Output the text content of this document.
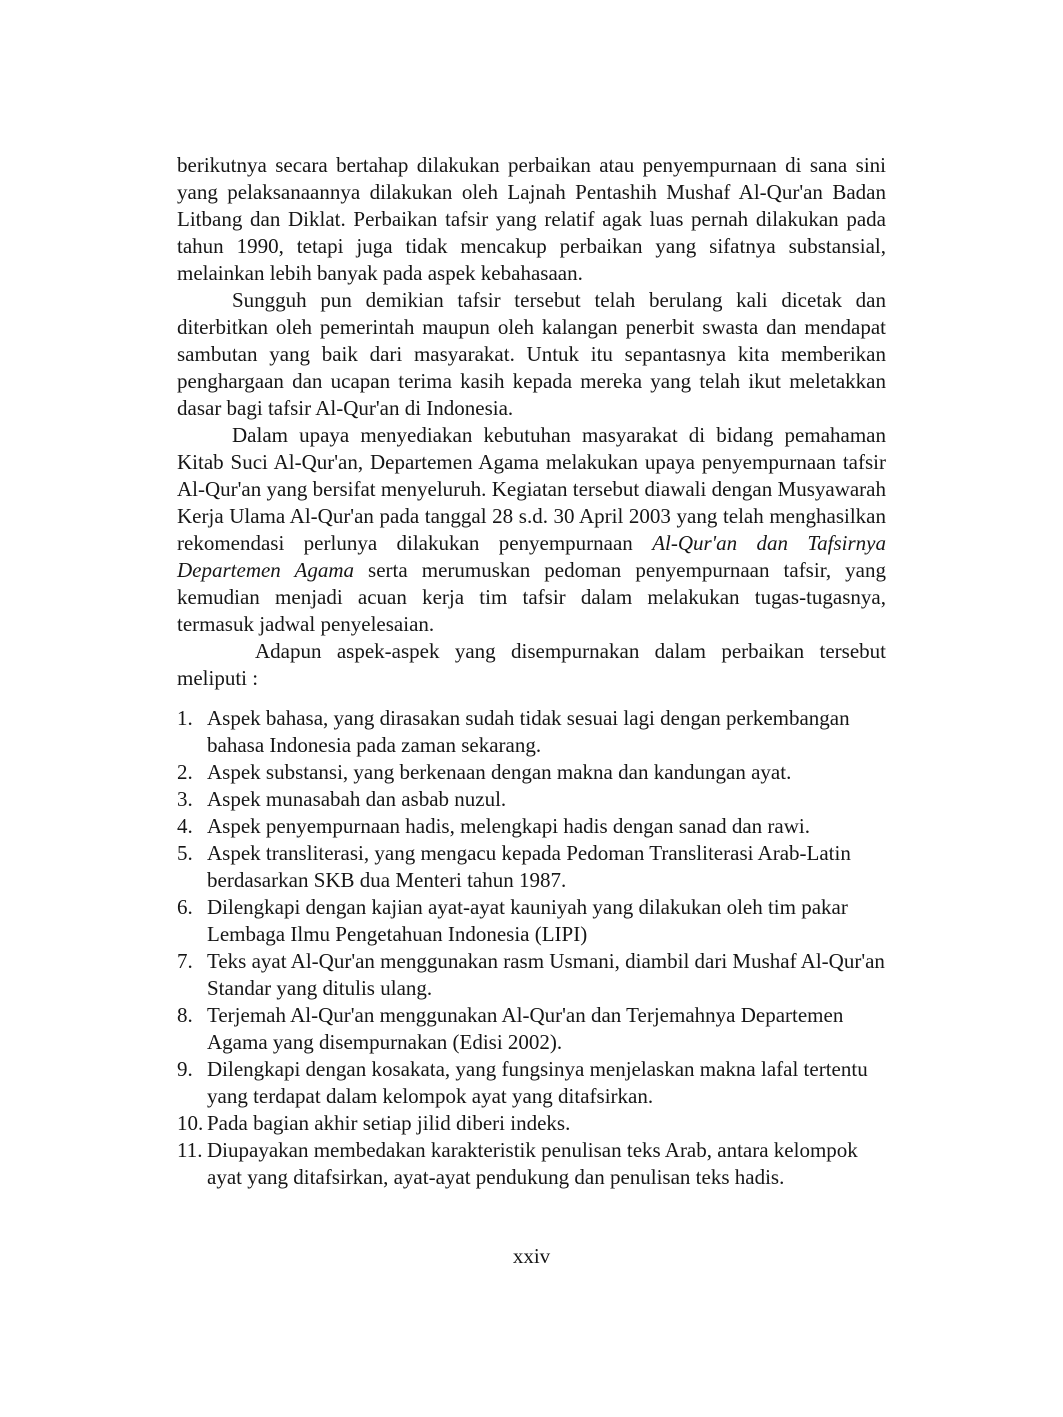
berikutnya secara bertahap dilakukan perbaikan atau penyempurnaan di sana sini yang pelaksanaannya dilakukan oleh Lajnah Pentashih Mushaf Al-Qur'an Badan Litbang dan Diklat. Perbaikan tafsir yang relatif agak luas pernah dilakukan pada tahun 1990, tetapi juga tidak mencakup perbaikan yang sifatnya substansial, melainkan lebih banyak pada aspek kebahasaan.

Sungguh pun demikian tafsir tersebut telah berulang kali dicetak dan diterbitkan oleh pemerintah maupun oleh kalangan penerbit swasta dan mendapat sambutan yang baik dari masyarakat. Untuk itu sepantasnya kita memberikan penghargaan dan ucapan terima kasih kepada mereka yang telah ikut meletakkan dasar bagi tafsir Al-Qur'an di Indonesia.

Dalam upaya menyediakan kebutuhan masyarakat di bidang pemahaman Kitab Suci Al-Qur'an, Departemen Agama melakukan upaya penyempurnaan tafsir Al-Qur'an yang bersifat menyeluruh. Kegiatan tersebut diawali dengan Musyawarah Kerja Ulama Al-Qur'an pada tanggal 28 s.d. 30 April 2003 yang telah menghasilkan rekomendasi perlunya dilakukan penyempurnaan Al-Qur'an dan Tafsirnya Departemen Agama serta merumuskan pedoman penyempurnaan tafsir, yang kemudian menjadi acuan kerja tim tafsir dalam melakukan tugas-tugasnya, termasuk jadwal penyelesaian.

Adapun aspek-aspek yang disempurnakan dalam perbaikan tersebut meliputi :

1. Aspek bahasa, yang dirasakan sudah tidak sesuai lagi dengan perkembangan bahasa Indonesia pada zaman sekarang.
2. Aspek substansi, yang berkenaan dengan makna dan kandungan ayat.
3. Aspek munasabah dan asbab nuzul.
4. Aspek penyempurnaan hadis, melengkapi hadis dengan sanad dan rawi.
5. Aspek transliterasi, yang mengacu kepada Pedoman Transliterasi Arab-Latin berdasarkan SKB dua Menteri tahun 1987.
6. Dilengkapi dengan kajian ayat-ayat kauniyah yang dilakukan oleh tim pakar Lembaga Ilmu Pengetahuan Indonesia (LIPI)
7. Teks ayat Al-Qur'an menggunakan rasm Usmani, diambil dari Mushaf Al-Qur'an Standar yang ditulis ulang.
8. Terjemah Al-Qur'an menggunakan Al-Qur'an dan Terjemahnya Departemen Agama yang disempurnakan (Edisi 2002).
9. Dilengkapi dengan kosakata, yang fungsinya menjelaskan makna lafal tertentu yang terdapat dalam kelompok ayat yang ditafsirkan.
10. Pada bagian akhir setiap jilid diberi indeks.
11. Diupayakan membedakan karakteristik penulisan teks Arab, antara kelompok ayat yang ditafsirkan, ayat-ayat pendukung dan penulisan teks hadis.
xxiv
